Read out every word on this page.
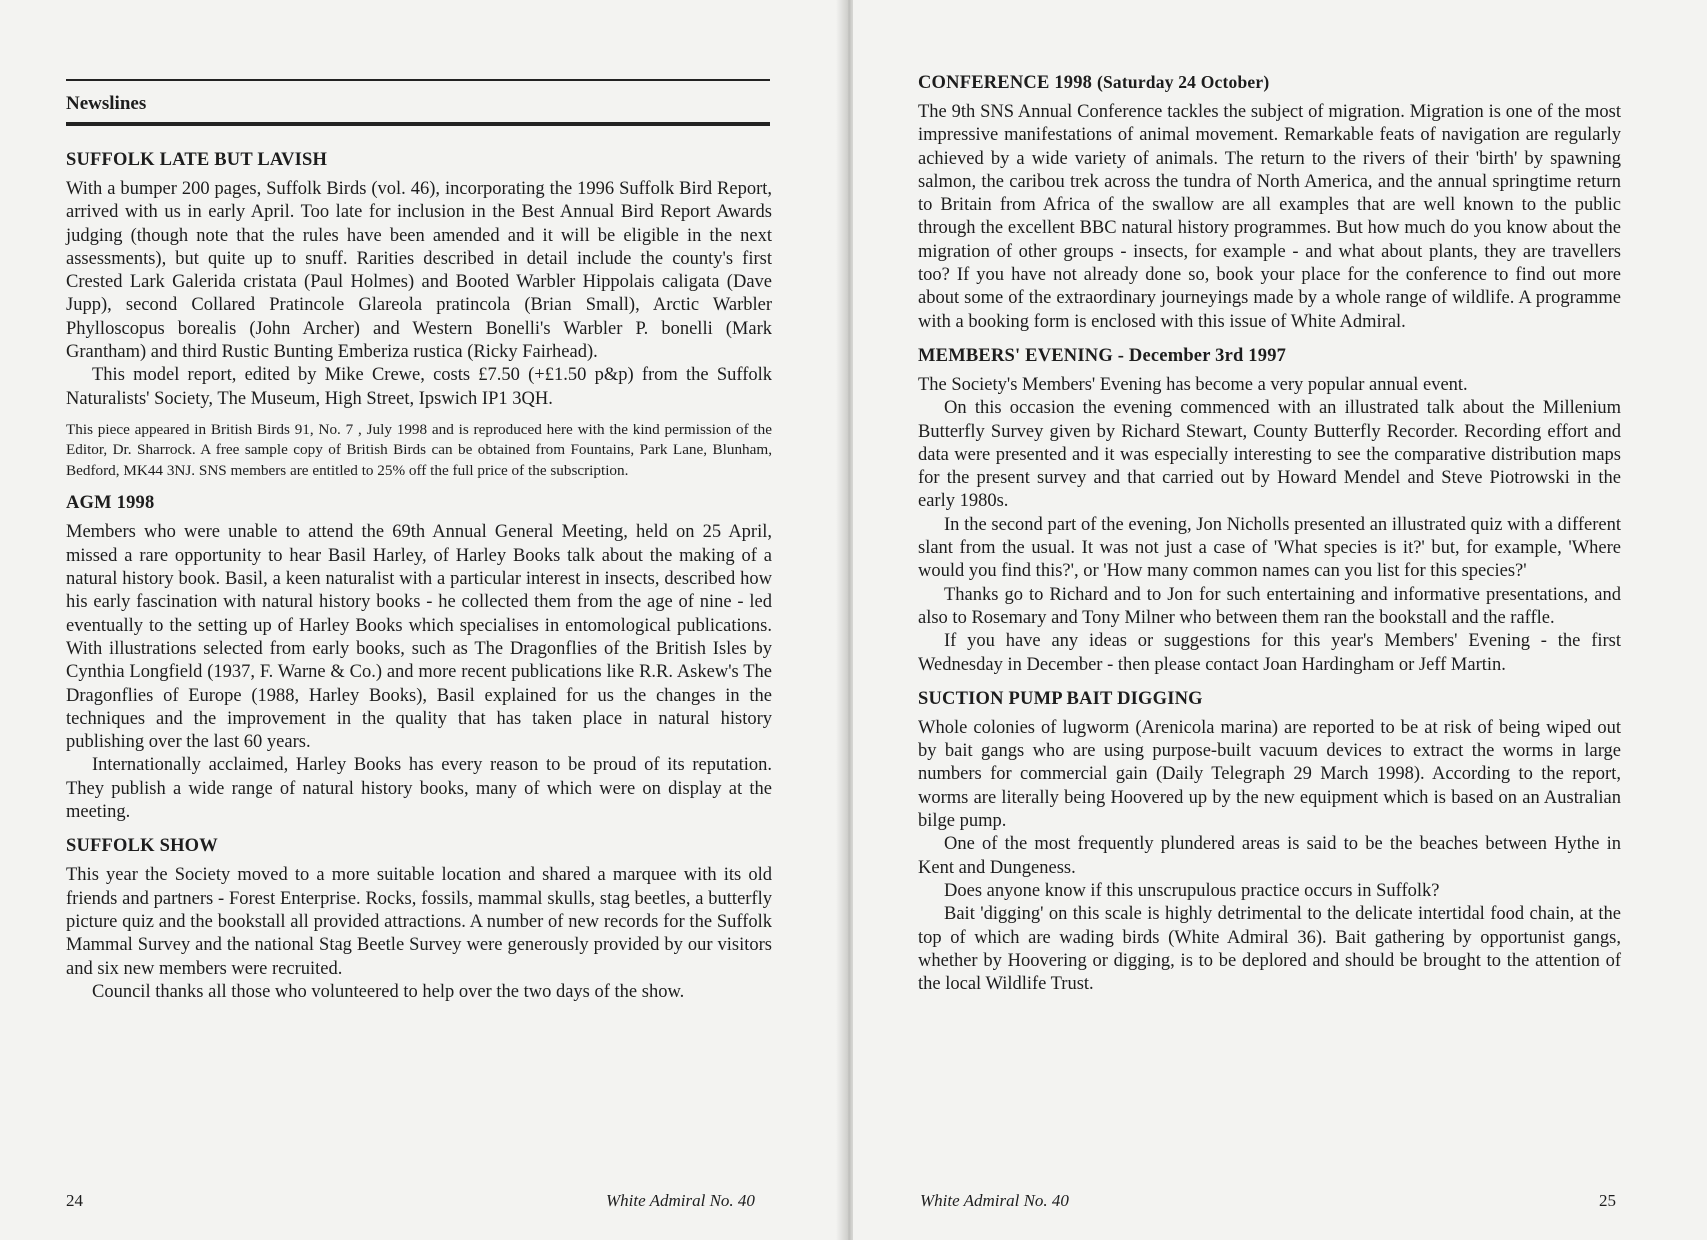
Newslines
SUFFOLK LATE BUT LAVISH

With a bumper 200 pages, Suffolk Birds (vol. 46), incorporating the 1996 Suffolk Bird Report, arrived with us in early April. Too late for inclusion in the Best Annual Bird Report Awards judging (though note that the rules have been amended and it will be eligible in the next assessments), but quite up to snuff. Rarities described in detail include the county's first Crested Lark Galerida cristata (Paul Holmes) and Booted Warbler Hippolais caligata (Dave Jupp), second Collared Pratincole Glareola pratincola (Brian Small), Arctic Warbler Phylloscopus borealis (John Archer) and Western Bonelli's Warbler P. bonelli (Mark Grantham) and third Rustic Bunting Emberiza rustica (Ricky Fairhead).

This model report, edited by Mike Crewe, costs £7.50 (+£1.50 p&p) from the Suffolk Naturalists' Society, The Museum, High Street, Ipswich IP1 3QH.

This piece appeared in British Birds 91, No. 7 , July 1998 and is reproduced here with the kind permission of the Editor, Dr. Sharrock. A free sample copy of British Birds can be obtained from Fountains, Park Lane, Blunham, Bedford, MK44 3NJ. SNS members are entitled to 25% off the full price of the subscription.

AGM 1998

Members who were unable to attend the 69th Annual General Meeting, held on 25 April, missed a rare opportunity to hear Basil Harley, of Harley Books talk about the making of a natural history book. Basil, a keen naturalist with a particular interest in insects, described how his early fascination with natural history books - he collected them from the age of nine - led eventually to the setting up of Harley Books which specialises in entomological publications. With illustrations selected from early books, such as The Dragonflies of the British Isles by Cynthia Longfield (1937, F. Warne & Co.) and more recent publications like R.R. Askew's The Dragonflies of Europe (1988, Harley Books), Basil explained for us the changes in the techniques and the improvement in the quality that has taken place in natural history publishing over the last 60 years.

Internationally acclaimed, Harley Books has every reason to be proud of its reputation. They publish a wide range of natural history books, many of which were on display at the meeting.

SUFFOLK SHOW

This year the Society moved to a more suitable location and shared a marquee with its old friends and partners - Forest Enterprise. Rocks, fossils, mammal skulls, stag beetles, a butterfly picture quiz and the bookstall all provided attractions. A number of new records for the Suffolk Mammal Survey and the national Stag Beetle Survey were generously provided by our visitors and six new members were recruited.

Council thanks all those who volunteered to help over the two days of the show.

24	White Admiral No. 40
CONFERENCE 1998 (Saturday 24 October)

The 9th SNS Annual Conference tackles the subject of migration. Migration is one of the most impressive manifestations of animal movement. Remarkable feats of navigation are regularly achieved by a wide variety of animals. The return to the rivers of their 'birth' by spawning salmon, the caribou trek across the tundra of North America, and the annual springtime return to Britain from Africa of the swallow are all examples that are well known to the public through the excellent BBC natural history programmes. But how much do you know about the migration of other groups - insects, for example - and what about plants, they are travellers too? If you have not already done so, book your place for the conference to find out more about some of the extraordinary journeyings made by a whole range of wildlife. A programme with a booking form is enclosed with this issue of White Admiral.

MEMBERS' EVENING - December 3rd 1997

The Society's Members' Evening has become a very popular annual event.

On this occasion the evening commenced with an illustrated talk about the Millenium Butterfly Survey given by Richard Stewart, County Butterfly Recorder. Recording effort and data were presented and it was especially interesting to see the comparative distribution maps for the present survey and that carried out by Howard Mendel and Steve Piotrowski in the early 1980s.

In the second part of the evening, Jon Nicholls presented an illustrated quiz with a different slant from the usual. It was not just a case of 'What species is it?' but, for example, 'Where would you find this?', or 'How many common names can you list for this species?'

Thanks go to Richard and to Jon for such entertaining and informative presentations, and also to Rosemary and Tony Milner who between them ran the bookstall and the raffle.

If you have any ideas or suggestions for this year's Members' Evening - the first Wednesday in December - then please contact Joan Hardingham or Jeff Martin.

SUCTION PUMP BAIT DIGGING

Whole colonies of lugworm (Arenicola marina) are reported to be at risk of being wiped out by bait gangs who are using purpose-built vacuum devices to extract the worms in large numbers for commercial gain (Daily Telegraph 29 March 1998). According to the report, worms are literally being Hoovered up by the new equipment which is based on an Australian bilge pump.

One of the most frequently plundered areas is said to be the beaches between Hythe in Kent and Dungeness.

Does anyone know if this unscrupulous practice occurs in Suffolk?

Bait 'digging' on this scale is highly detrimental to the delicate intertidal food chain, at the top of which are wading birds (White Admiral 36). Bait gathering by opportunist gangs, whether by Hoovering or digging, is to be deplored and should be brought to the attention of the local Wildlife Trust.

White Admiral No. 40	25
